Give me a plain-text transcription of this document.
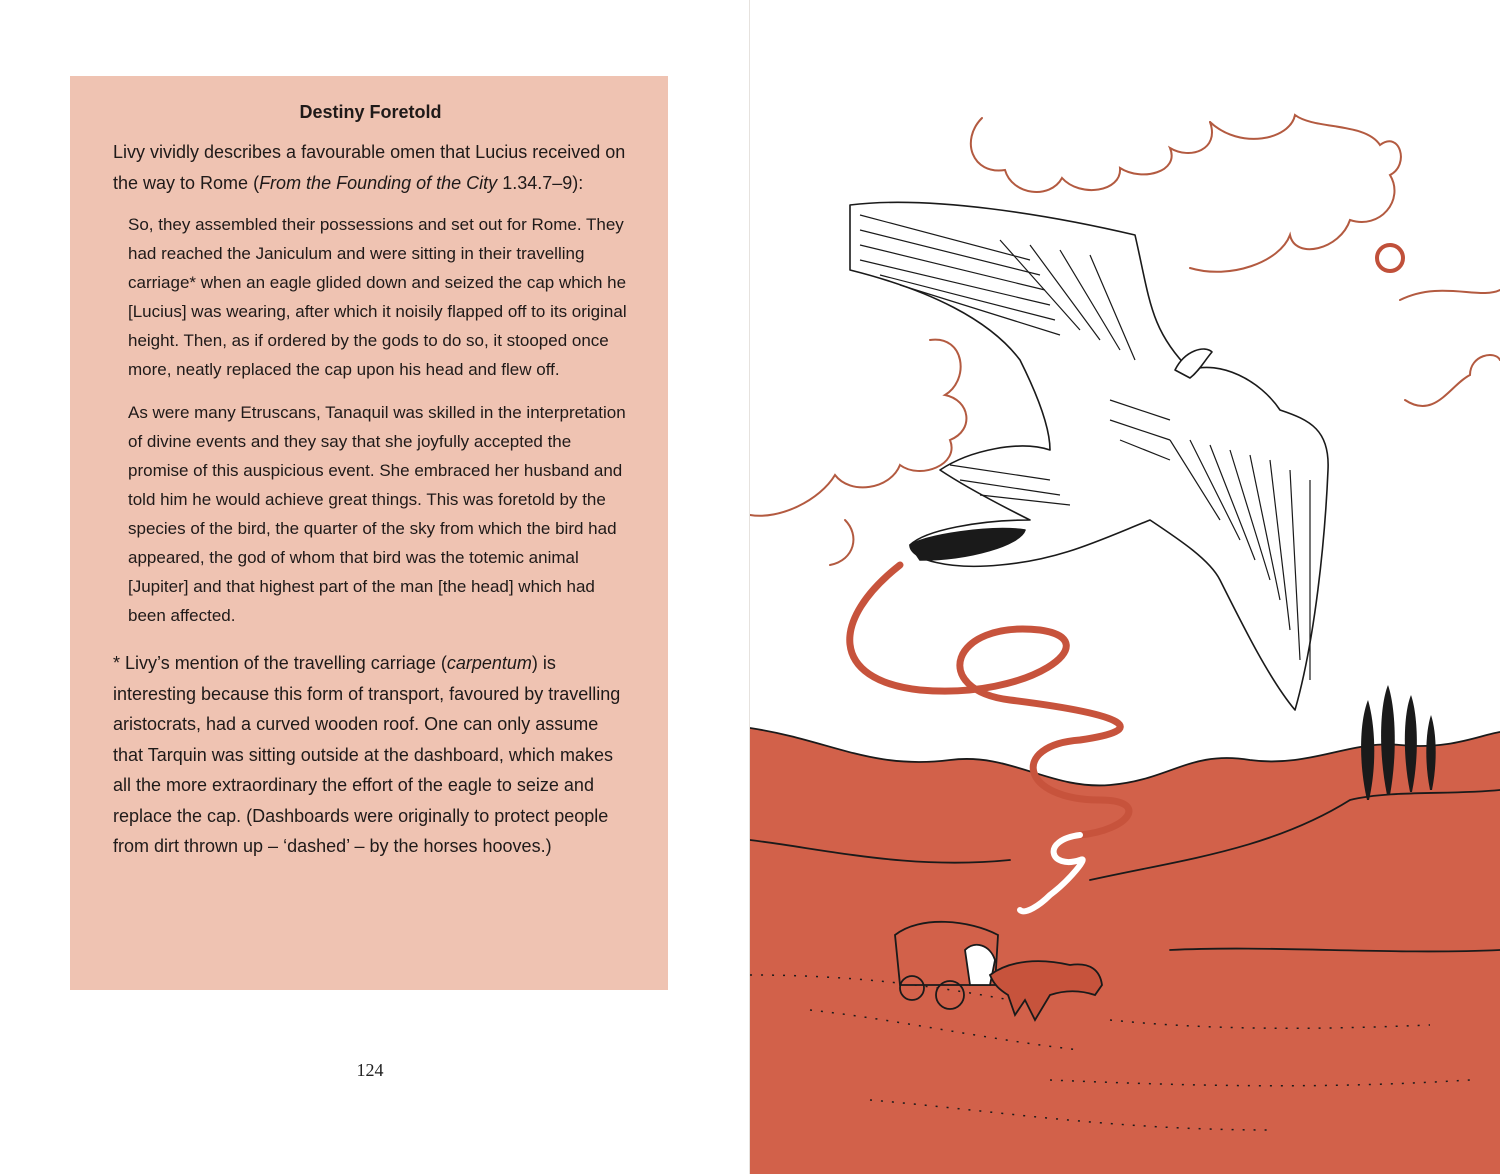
Destiny Foretold

Livy vividly describes a favourable omen that Lucius received on the way to Rome (From the Founding of the City 1.34.7–9):

So, they assembled their possessions and set out for Rome. They had reached the Janiculum and were sitting in their travelling carriage* when an eagle glided down and seized the cap which he [Lucius] was wearing, after which it noisily flapped off to its original height. Then, as if ordered by the gods to do so, it stooped once more, neatly replaced the cap upon his head and flew off.

As were many Etruscans, Tanaquil was skilled in the interpretation of divine events and they say that she joyfully accepted the promise of this auspicious event. She embraced her husband and told him he would achieve great things. This was foretold by the species of the bird, the quarter of the sky from which the bird had appeared, the god of whom that bird was the totemic animal [Jupiter] and that highest part of the man [the head] which had been affected.

* Livy’s mention of the travelling carriage (carpentum) is interesting because this form of transport, favoured by travelling aristocrats, had a curved wooden roof. One can only assume that Tarquin was sitting outside at the dashboard, which makes all the more extraordinary the effort of the eagle to seize and replace the cap. (Dashboards were originally to protect people from dirt thrown up – ‘dashed’ – by the horses hooves.)

124
